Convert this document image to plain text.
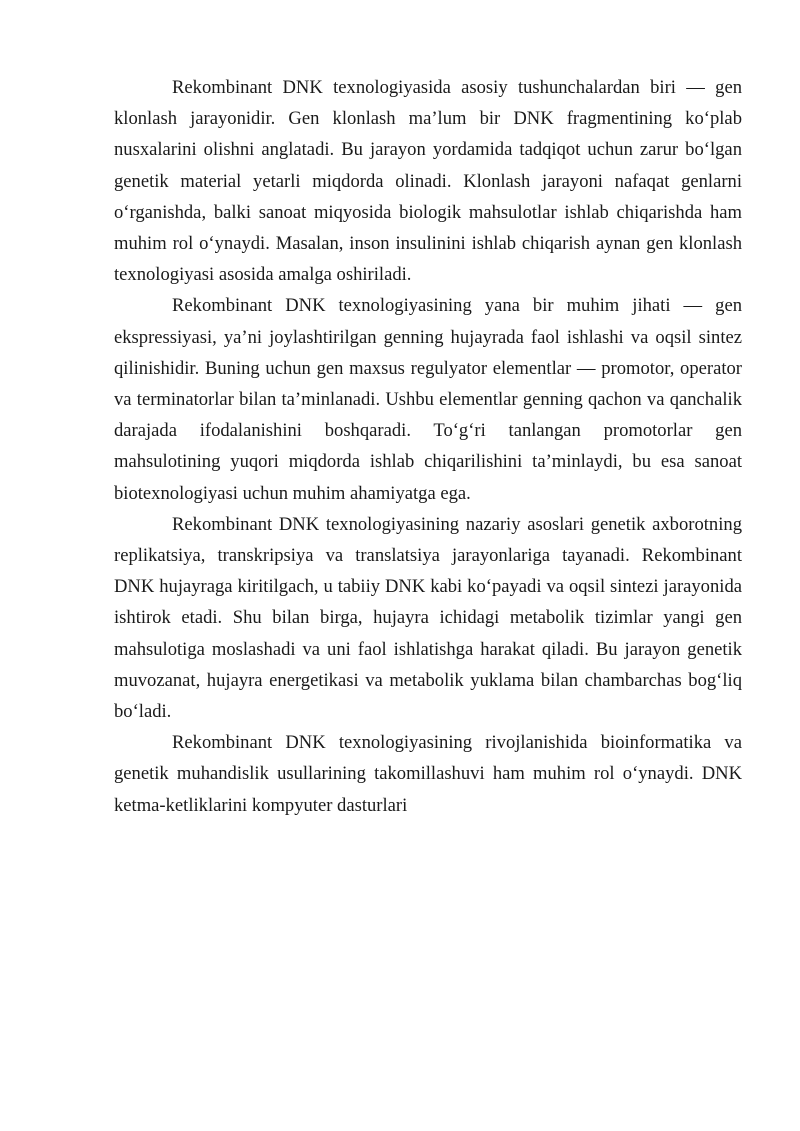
Rekombinant DNK texnologiyasida asosiy tushunchalardan biri — gen klonlash jarayonidir. Gen klonlash ma’lum bir DNK fragmentining ko‘plab nusxalarini olishni anglatadi. Bu jarayon yordamida tadqiqot uchun zarur bo‘lgan genetik material yetarli miqdorda olinadi. Klonlash jarayoni nafaqat genlarni o‘rganishda, balki sanoat miqyosida biologik mahsulotlar ishlab chiqarishda ham muhim rol o‘ynaydi. Masalan, inson insulinini ishlab chiqarish aynan gen klonlash texnologiyasi asosida amalga oshiriladi.

Rekombinant DNK texnologiyasining yana bir muhim jihati — gen ekspressiyasi, ya’ni joylashtirilgan genning hujayrada faol ishlashi va oqsil sintez qilinishidir. Buning uchun gen maxsus regulyator elementlar — promotor, operator va terminatorlar bilan ta’minlanadi. Ushbu elementlar genning qachon va qanchalik darajada ifodalanishini boshqaradi. To‘g‘ri tanlangan promotorlar gen mahsulotining yuqori miqdorda ishlab chiqarilishini ta’minlaydi, bu esa sanoat biotexnologiyasi uchun muhim ahamiyatga ega.

Rekombinant DNK texnologiyasining nazariy asoslari genetik axborotning replikatsiya, transkripsiya va translatsiya jarayonlariga tayanadi. Rekombinant DNK hujayraga kiritilgach, u tabiiy DNK kabi ko‘payadi va oqsil sintezi jarayonida ishtirok etadi. Shu bilan birga, hujayra ichidagi metabolik tizimlar yangi gen mahsulotiga moslashadi va uni faol ishlatishga harakat qiladi. Bu jarayon genetik muvozanat, hujayra energetikasi va metabolik yuklama bilan chambarchas bog‘liq bo‘ladi.

Rekombinant DNK texnologiyasining rivojlanishida bioinformatika va genetik muhandislik usullarining takomillashuvi ham muhim rol o‘ynaydi. DNK ketma-ketliklarini kompyuter dasturlari
